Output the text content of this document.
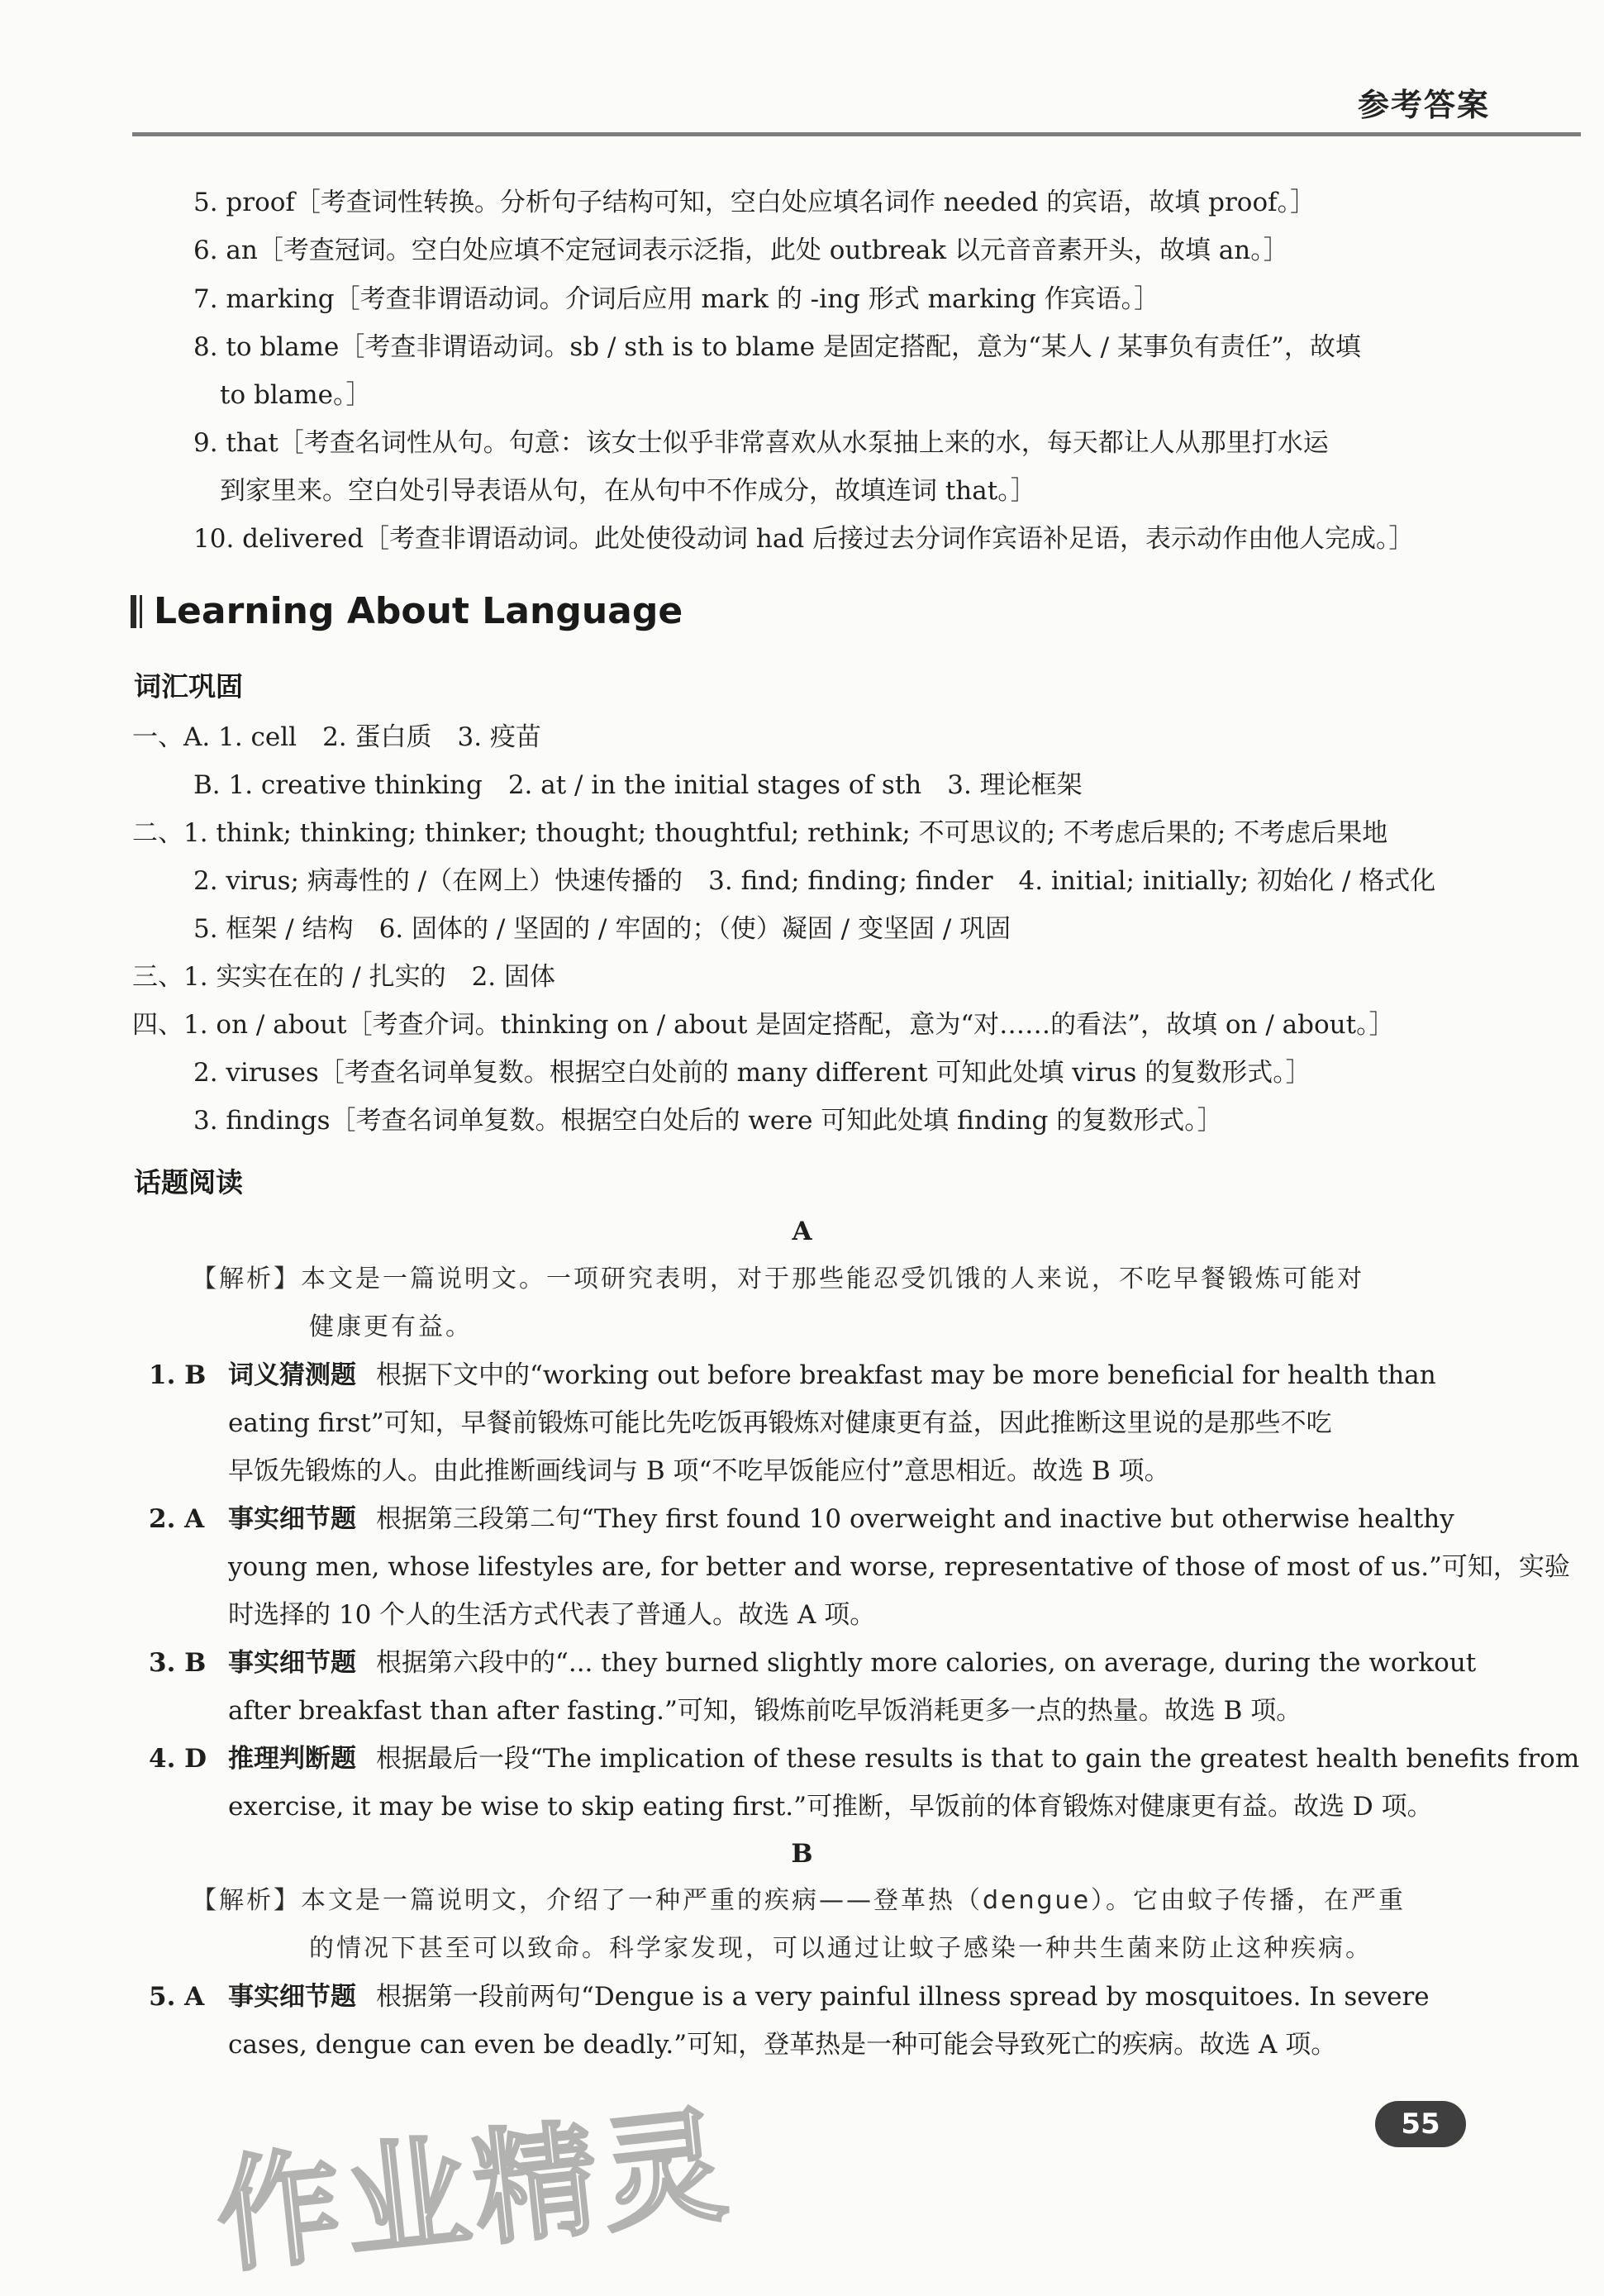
参考答案
5. proof［考查词性转换。分析句子结构可知，空白处应填名词作 needed 的宾语，故填 proof。］
6. an［考查冠词。空白处应填不定冠词表示泛指，此处 outbreak 以元音音素开头，故填 an。］
7. marking［考查非谓语动词。介词后应用 mark 的 -ing 形式 marking 作宾语。］
8. to blame［考查非谓语动词。sb / sth is to blame 是固定搭配，意为“某人 / 某事负有责任”，故填
to blame。］
9. that［考查名词性从句。句意：该女士似乎非常喜欢从水泵抽上来的水，每天都让人从那里打水运
到家里来。空白处引导表语从句，在从句中不作成分，故填连词 that。］
10. delivered［考查非谓语动词。此处使役动词 had 后接过去分词作宾语补足语，表示动作由他人完成。］
Learning About Language
词汇巩固
一、A. 1. cell　2. 蛋白质　3. 疫苗
B. 1. creative thinking　2. at / in the initial stages of sth　3. 理论框架
二、1. think; thinking; thinker; thought; thoughtful; rethink; 不可思议的; 不考虑后果的; 不考虑后果地
2. virus; 病毒性的 /（在网上）快速传播的　3. find; finding; finder　4. initial; initially; 初始化 / 格式化
5. 框架 / 结构　6. 固体的 / 坚固的 / 牢固的；（使）凝固 / 变坚固 / 巩固
三、1. 实实在在的 / 扎实的　2. 固体
四、1. on / about［考查介词。thinking on / about 是固定搭配，意为“对……的看法”，故填 on / about。］
2. viruses［考查名词单复数。根据空白处前的 many different 可知此处填 virus 的复数形式。］
3. findings［考查名词单复数。根据空白处后的 were 可知此处填 finding 的复数形式。］
话题阅读
A
【解析】本文是一篇说明文。一项研究表明，对于那些能忍受饥饿的人来说，不吃早餐锻炼可能对
健康更有益。
1. B 词义猜测题 根据下文中的“working out before breakfast may be more beneficial for health than
eating first”可知，早餐前锻炼可能比先吃饭再锻炼对健康更有益，因此推断这里说的是那些不吃
早饭先锻炼的人。由此推断画线词与 B 项“不吃早饭能应付”意思相近。故选 B 项。
2. A 事实细节题 根据第三段第二句“They first found 10 overweight and inactive but otherwise healthy
young men, whose lifestyles are, for better and worse, representative of those of most of us.”可知，实验
时选择的 10 个人的生活方式代表了普通人。故选 A 项。
3. B 事实细节题 根据第六段中的“... they burned slightly more calories, on average, during the workout
after breakfast than after fasting.”可知，锻炼前吃早饭消耗更多一点的热量。故选 B 项。
4. D 推理判断题 根据最后一段“The implication of these results is that to gain the greatest health benefits from
exercise, it may be wise to skip eating first.”可推断，早饭前的体育锻炼对健康更有益。故选 D 项。
B
【解析】本文是一篇说明文，介绍了一种严重的疾病——登革热（dengue）。它由蚊子传播，在严重
的情况下甚至可以致命。科学家发现，可以通过让蚊子感染一种共生菌来防止这种疾病。
5. A 事实细节题 根据第一段前两句“Dengue is a very painful illness spread by mosquitoes. In severe
cases, dengue can even be deadly.”可知，登革热是一种可能会导致死亡的疾病。故选 A 项。
55
作业精灵
